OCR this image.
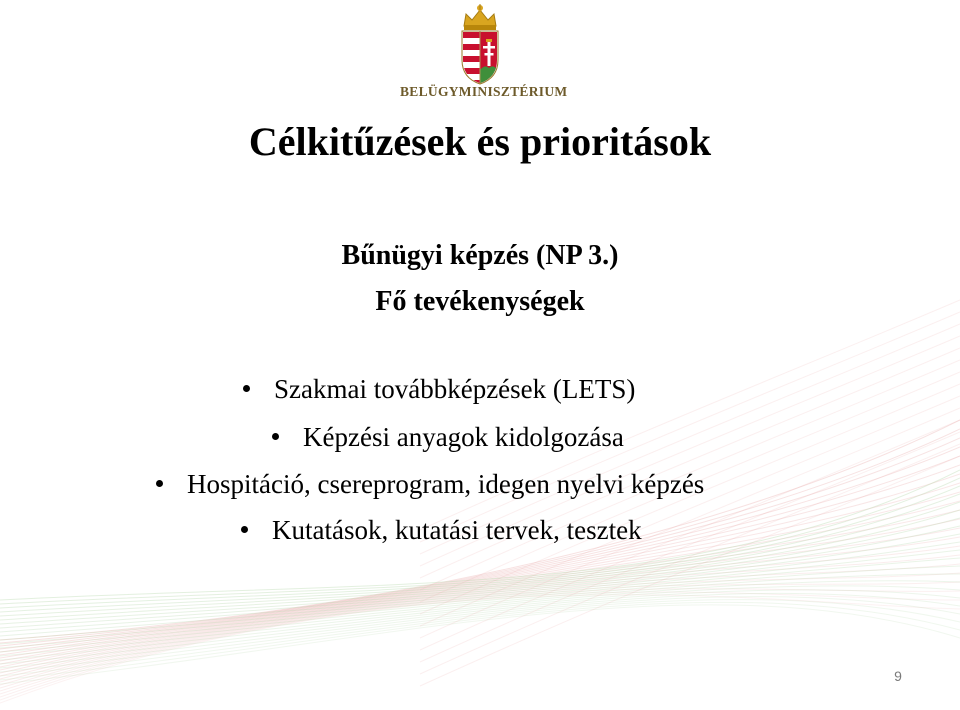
BELÜGYMINISZTÉRIUM
Célkitűzések és prioritások
Bűnügyi képzés (NP 3.)
Fő tevékenységek
Szakmai továbbképzések (LETS)
Képzési anyagok kidolgozása
Hospitáció, csereprogram, idegen nyelvi képzés
Kutatások, kutatási tervek, tesztek
9
